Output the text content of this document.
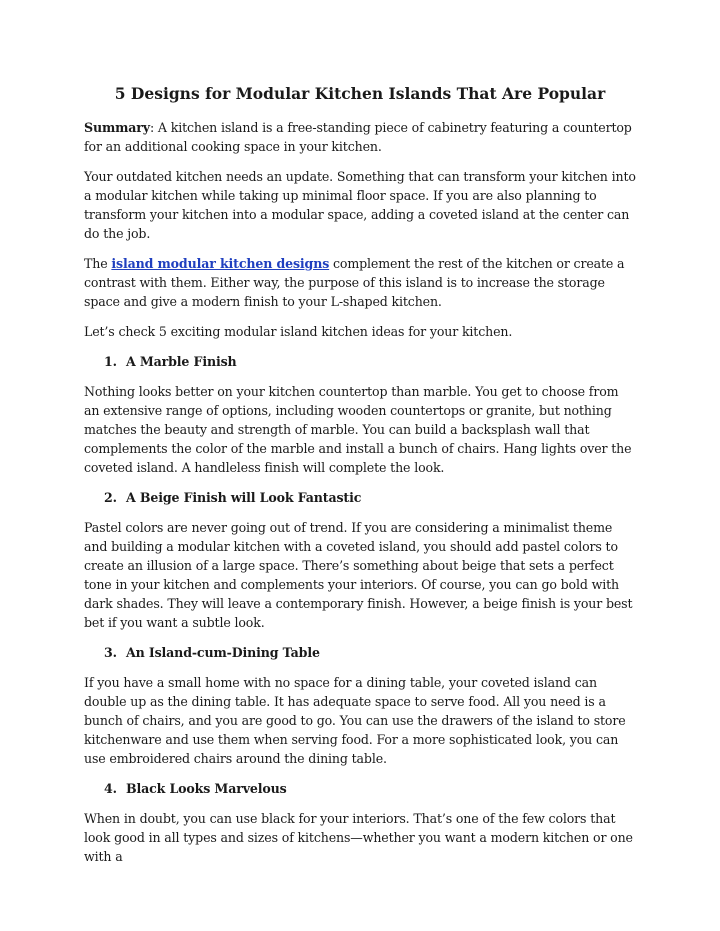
5 Designs for Modular Kitchen Islands That Are Popular

Summary: A kitchen island is a free-standing piece of cabinetry featuring a countertop for an additional cooking space in your kitchen.

Your outdated kitchen needs an update. Something that can transform your kitchen into a modular kitchen while taking up minimal floor space. If you are also planning to transform your kitchen into a modular space, adding a coveted island at the center can do the job.

The island modular kitchen designs complement the rest of the kitchen or create a contrast with them. Either way, the purpose of this island is to increase the storage space and give a modern finish to your L-shaped kitchen.

Let’s check 5 exciting modular island kitchen ideas for your kitchen.

1. A Marble Finish

Nothing looks better on your kitchen countertop than marble. You get to choose from an extensive range of options, including wooden countertops or granite, but nothing matches the beauty and strength of marble. You can build a backsplash wall that complements the color of the marble and install a bunch of chairs. Hang lights over the coveted island. A handleless finish will complete the look.

2. A Beige Finish will Look Fantastic

Pastel colors are never going out of trend. If you are considering a minimalist theme and building a modular kitchen with a coveted island, you should add pastel colors to create an illusion of a large space. There’s something about beige that sets a perfect tone in your kitchen and complements your interiors. Of course, you can go bold with dark shades. They will leave a contemporary finish. However, a beige finish is your best bet if you want a subtle look.

3. An Island-cum-Dining Table

If you have a small home with no space for a dining table, your coveted island can double up as the dining table. It has adequate space to serve food. All you need is a bunch of chairs, and you are good to go. You can use the drawers of the island to store kitchenware and use them when serving food. For a more sophisticated look, you can use embroidered chairs around the dining table.

4. Black Looks Marvelous

When in doubt, you can use black for your interiors. That’s one of the few colors that look good in all types and sizes of kitchens—whether you want a modern kitchen or one with a
